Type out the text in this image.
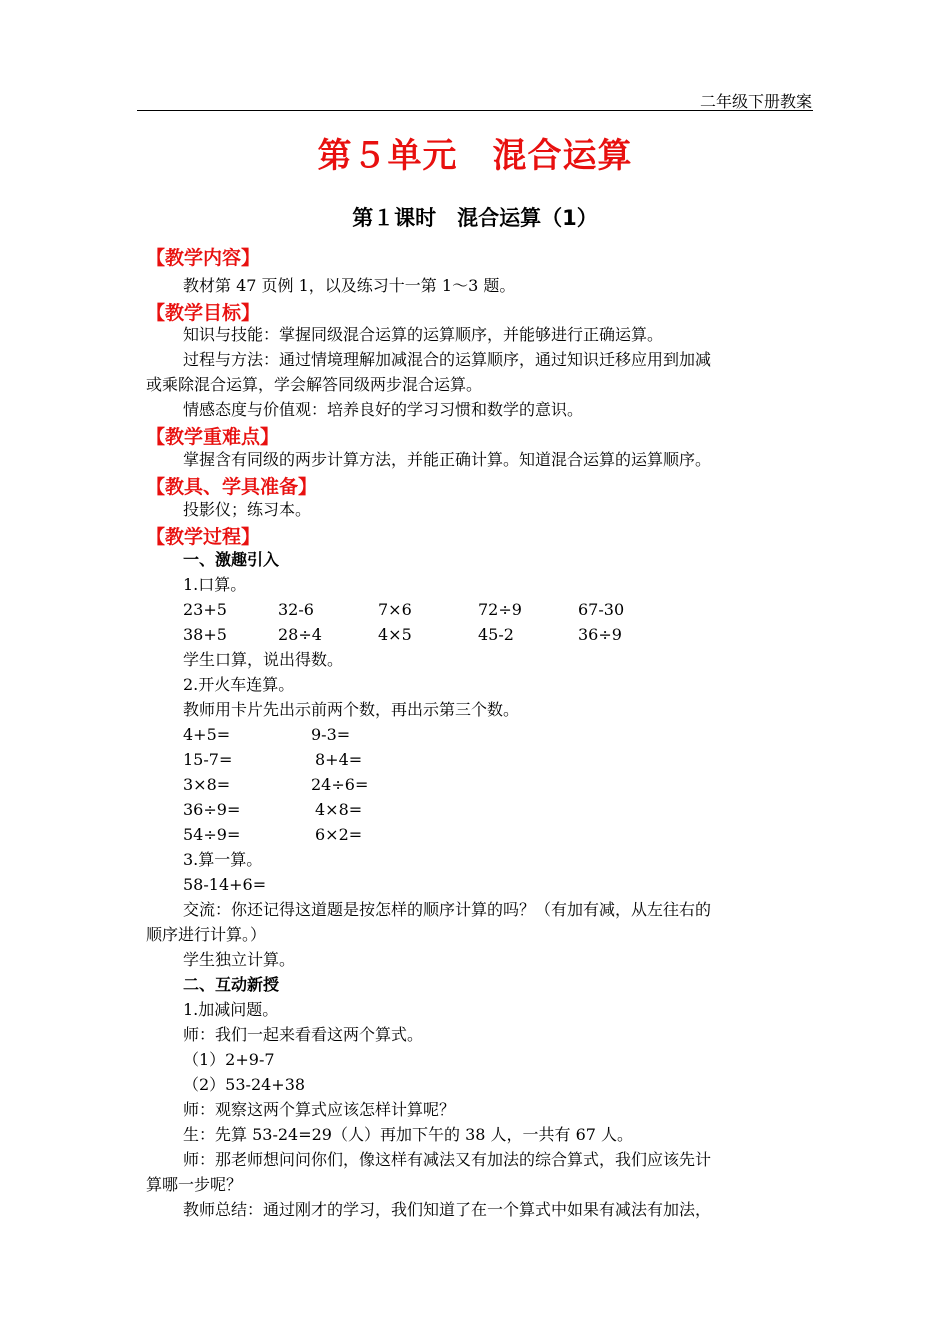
二年级下册教案
第５单元　混合运算
第１课时　混合运算（1）
【教学内容】
教材第 47 页例 1，以及练习十一第 1～3 题。
【教学目标】
知识与技能：掌握同级混合运算的运算顺序，并能够进行正确运算。
过程与方法：通过情境理解加减混合的运算顺序，通过知识迁移应用到加减
或乘除混合运算，学会解答同级两步混合运算。
情感态度与价值观：培养良好的学习习惯和数学的意识。
【教学重难点】
掌握含有同级的两步计算方法，并能正确计算。知道混合运算的运算顺序。
【教具、学具准备】
投影仪；练习本。
【教学过程】
一、激趣引入
1.口算。
23+5	32-6	7×6	72÷9	67-30
38+5	28÷4	4×5	45-2	36÷9
学生口算，说出得数。
2.开火车连算。
教师用卡片先出示前两个数，再出示第三个数。
4+5=	9-3=
15-7=	8+4=
3×8=	24÷6=
36÷9=	4×8=
54÷9=	6×2=
3.算一算。
58-14+6=
交流：你还记得这道题是按怎样的顺序计算的吗？（有加有减，从左往右的
顺序进行计算。）
学生独立计算。
二、互动新授
1.加减问题。
师：我们一起来看看这两个算式。
（1）2+9-7
（2）53-24+38
师：观察这两个算式应该怎样计算呢？
生：先算 53-24=29（人）再加下午的 38 人，一共有 67 人。
师：那老师想问问你们，像这样有减法又有加法的综合算式，我们应该先计
算哪一步呢？
教师总结：通过刚才的学习，我们知道了在一个算式中如果有减法有加法，
